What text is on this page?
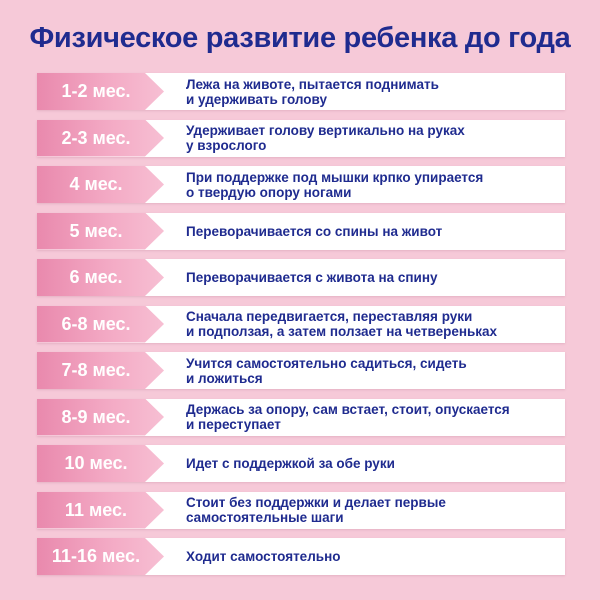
Физическое развитие ребенка до года
1-2 мес.	Лежа на животе, пытается поднимать
и удерживать голову
2-3 мес.	Удерживает голову вертикально на руках
у взрослого
4 мес.	При поддержке под мышки крпко упирается
о твердую опору ногами
5 мес.	Переворачивается со спины на живот
6 мес.	Переворачивается с живота на спину
6-8 мес.	Сначала передвигается, переставляя руки
и подползая, а затем ползает на четвереньках
7-8 мес.	Учится самостоятельно садиться, сидеть
и ложиться
8-9 мес.	Держась за опору, сам встает, стоит, опускается
и переступает
10 мес.	Идет с поддержкой за обе руки
11 мес.	Стоит без поддержки и делает первые
самостоятельные шаги
11-16 мес.	Ходит самостоятельно
